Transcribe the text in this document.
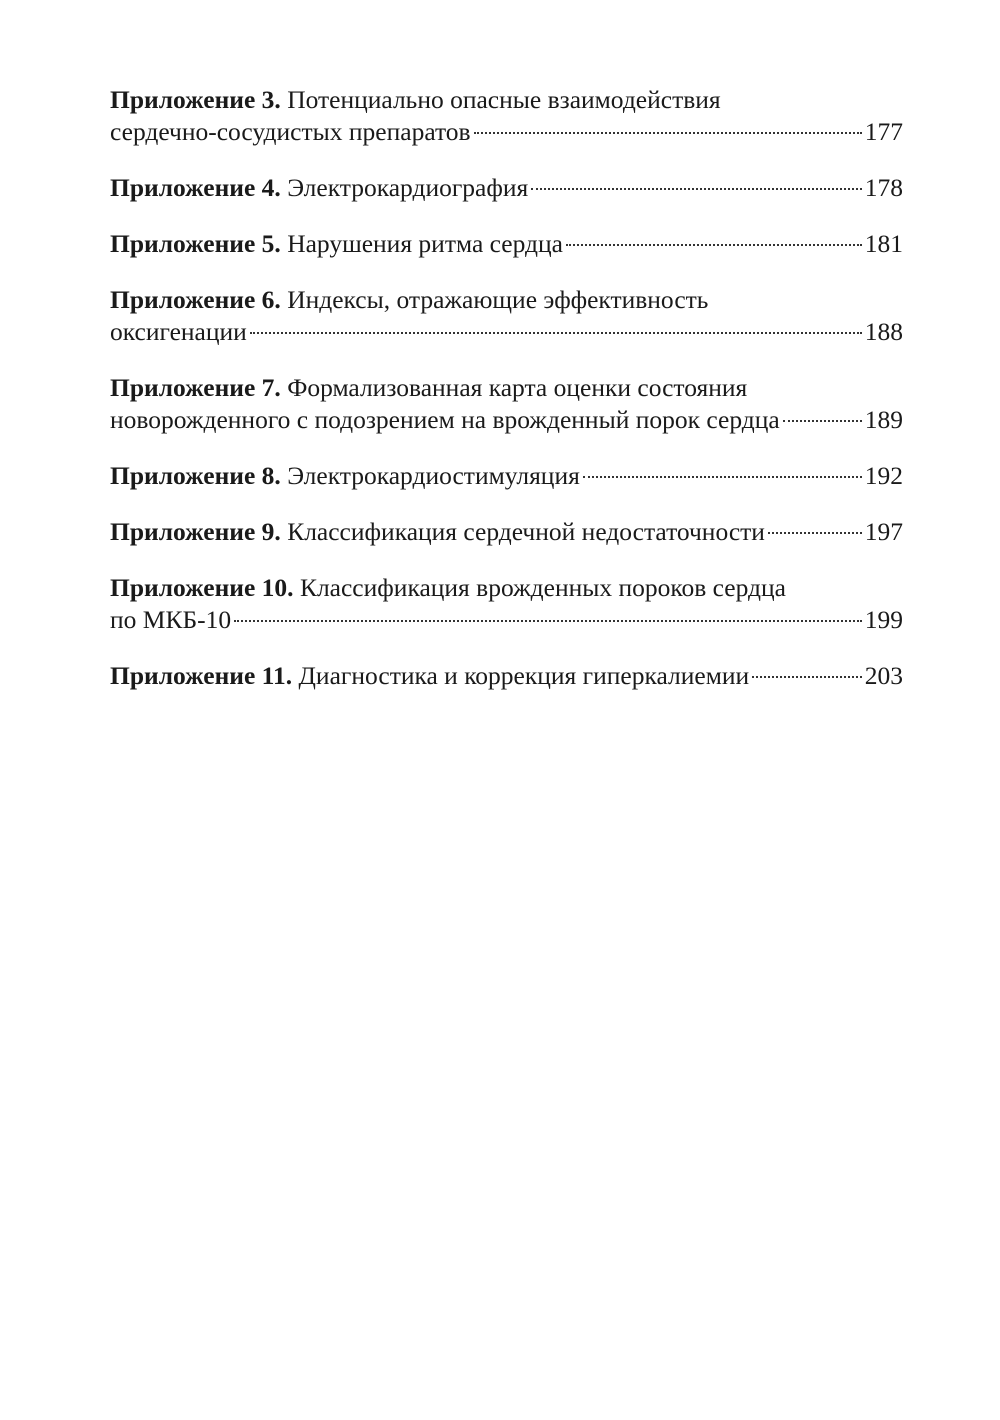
Приложение 3.
Потенциально опасные взаимодействия
сердечно-сосудистых препаратов	177
Приложение 4.
Электрокардиография	178
Приложение 5.
Нарушения ритма сердца	181
Приложение 6.
Индексы, отражающие эффективность
оксигенации	188
Приложение 7.
Формализованная карта оценки состояния
новорожденного с подозрением на врожденный порок сердца	189
Приложение 8.
Электрокардиостимуляция	192
Приложение 9.
Классификация сердечной недостаточности	197
Приложение 10.
Классификация врожденных пороков сердца
по МКБ-10	199
Приложение 11.
Диагностика и коррекция гиперкалиемии	203
